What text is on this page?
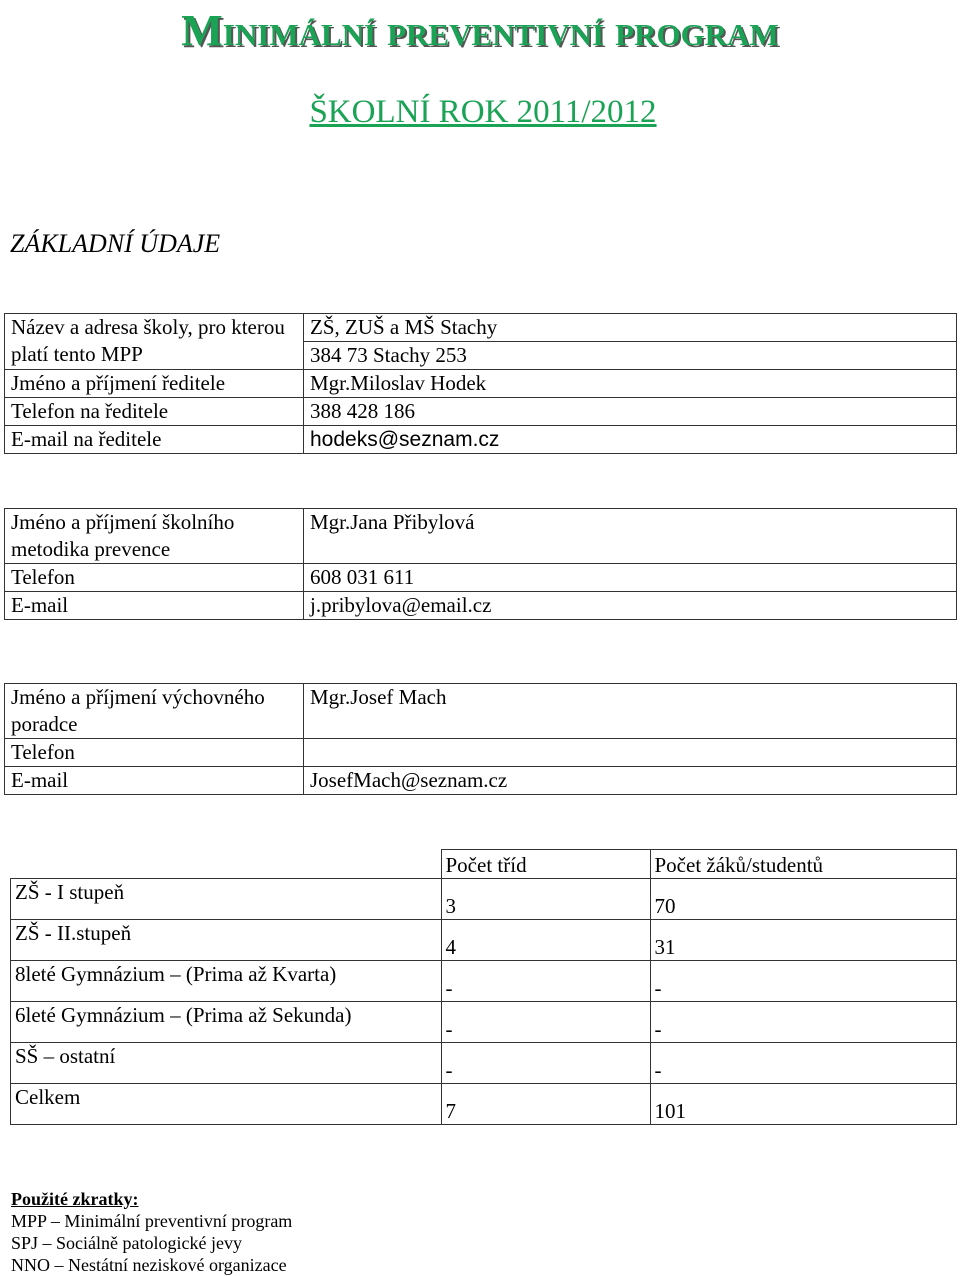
Minimální preventivní program
ŠKOLNÍ ROK 2011/2012
ZÁKLADNÍ ÚDAJE
Název a adresa školy, pro kterou platí tento MPP	ZŠ, ZUŠ a MŠ Stachy
	384 73 Stachy 253
Jméno a příjmení ředitele	Mgr.Miloslav Hodek
Telefon na ředitele	388 428 186
E-mail na ředitele	hodeks@seznam.cz
Jméno a příjmení školního metodika prevence	Mgr.Jana Přibylová
Telefon	608 031 611
E-mail	j.pribylova@email.cz
Jméno a příjmení výchovného poradce	Mgr.Josef Mach
Telefon	
E-mail	JosefMach@seznam.cz
	Počet tříd	Počet žáků/studentů
ZŠ - I stupeň	3	70
ZŠ - II.stupeň	4	31
8leté Gymnázium – (Prima až Kvarta)	-	-
6leté Gymnázium – (Prima až Sekunda)	-	-
SŠ – ostatní	-	-
Celkem	7	101
Použité zkratky:
MPP – Minimální preventivní program
SPJ – Sociálně patologické jevy
NNO – Nestátní neziskové organizace
